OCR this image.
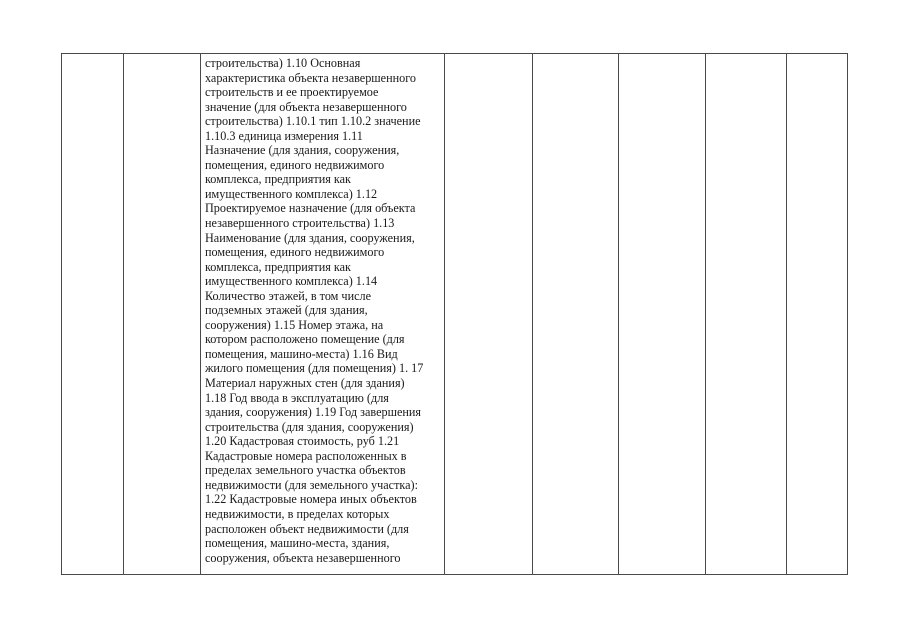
строительства) 1.10 Основная
характеристика объекта незавершенного
строительств и ее проектируемое
значение (для объекта незавершенного
строительства) 1.10.1 тип 1.10.2 значение
1.10.3 единица измерения 1.11
Назначение (для здания, сооружения,
помещения, единого недвижимого
комплекса, предприятия как
имущественного комплекса) 1.12
Проектируемое назначение (для объекта
незавершенного строительства) 1.13
Наименование (для здания, сооружения,
помещения, единого недвижимого
комплекса, предприятия как
имущественного комплекса) 1.14
Количество этажей, в том числе
подземных этажей (для здания,
сооружения) 1.15 Номер этажа, на
котором расположено помещение (для
помещения, машино-места) 1.16 Вид
жилого помещения (для помещения) 1. 17
Материал наружных стен (для здания)
1.18 Год ввода в эксплуатацию (для
здания, сооружения) 1.19 Год завершения
строительства (для здания, сооружения)
1.20 Кадастровая стоимость, руб 1.21
Кадастровые номера расположенных в
пределах земельного участка объектов
недвижимости (для земельного участка):
1.22 Кадастровые номера иных объектов
недвижимости, в пределах которых
расположен объект недвижимости (для
помещения, машино-места, здания,
сооружения, объекта незавершенного
